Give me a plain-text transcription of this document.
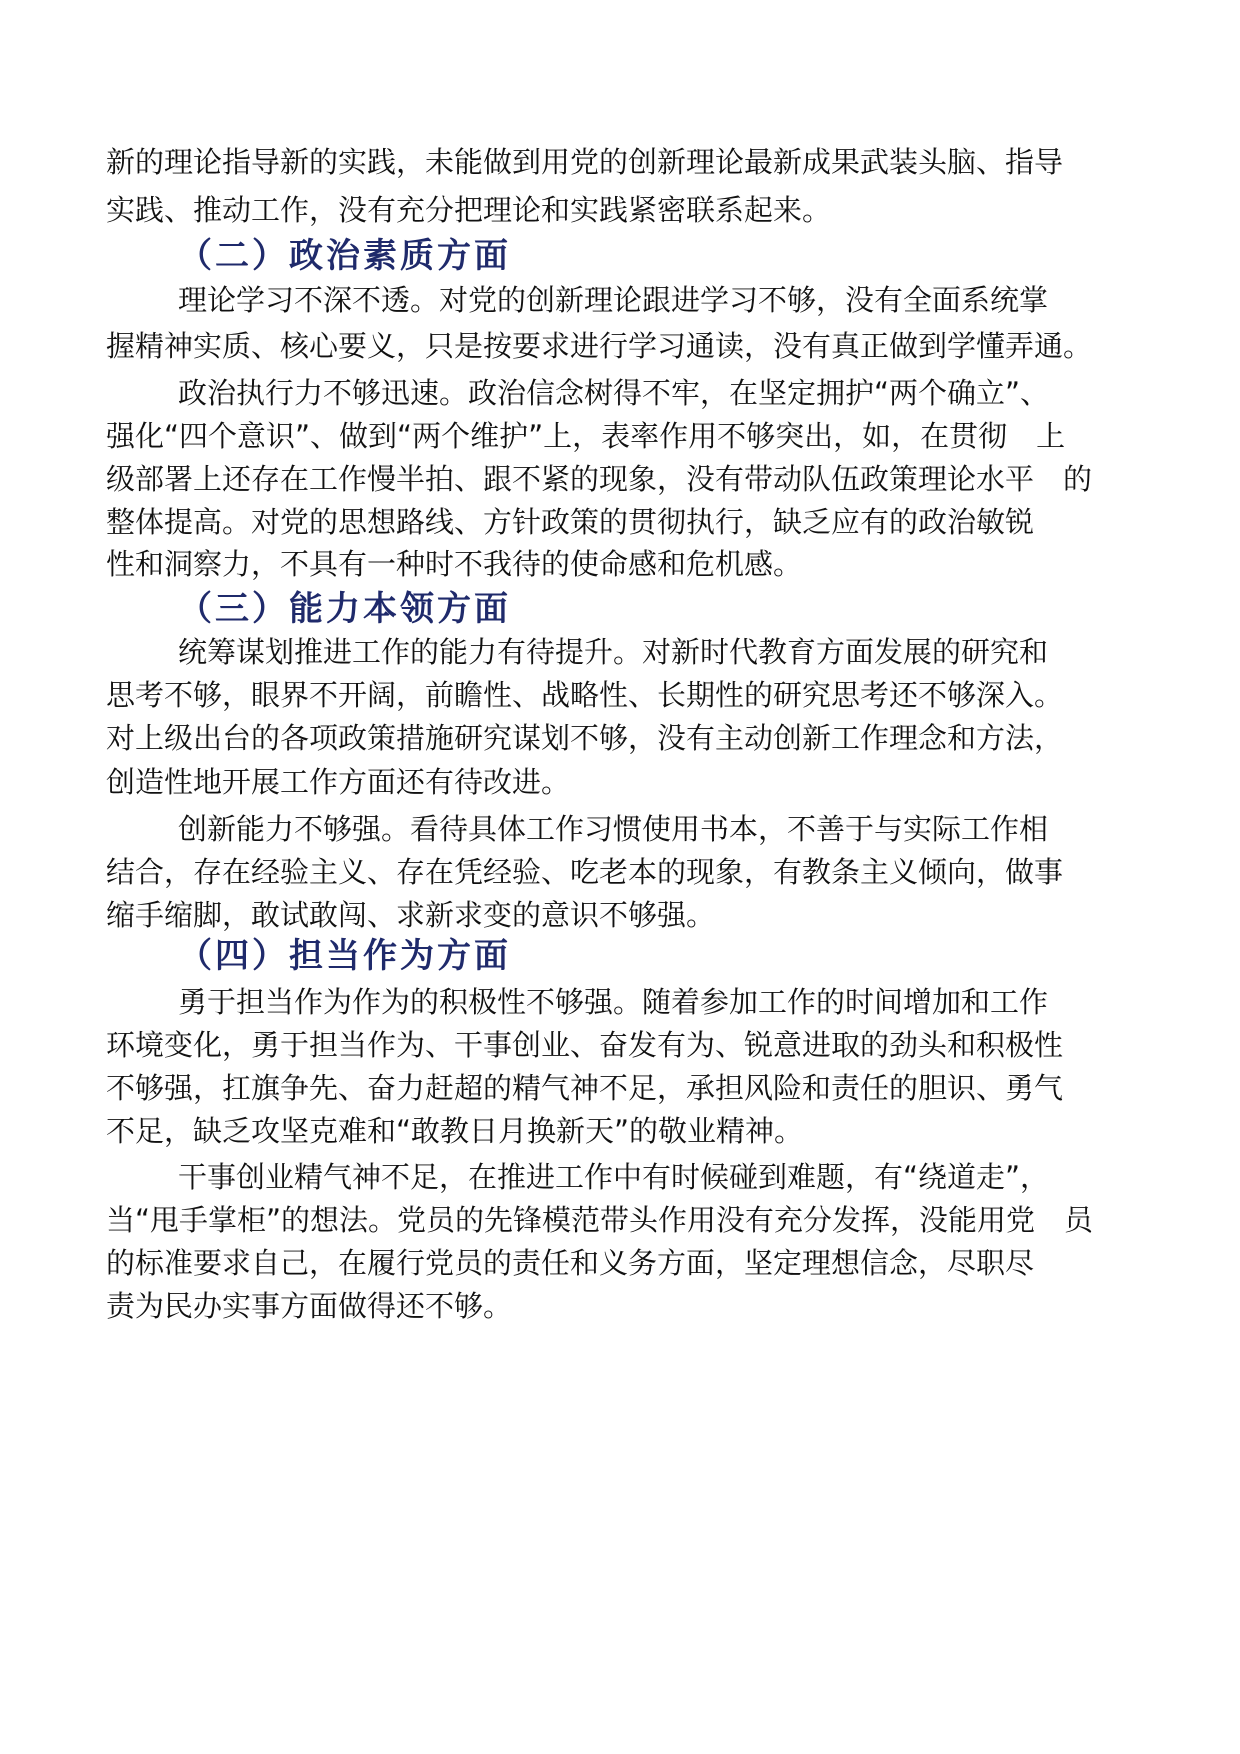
新的理论指导新的实践，未能做到用党的创新理论最新成果武装头脑、指导

实践、推动工作，没有充分把理论和实践紧密联系起来。

（二）政治素质方面

理论学习不深不透。对党的创新理论跟进学习不够，没有全面系统掌

握精神实质、核心要义，只是按要求进行学习通读，没有真正做到学懂弄通。

政治执行力不够迅速。政治信念树得不牢，在坚定拥护“两个确立”、

强化“四个意识”、做到“两个维护”上，表率作用不够突出，如，在贯彻　上

级部署上还存在工作慢半拍、跟不紧的现象，没有带动队伍政策理论水平　的

整体提高。对党的思想路线、方针政策的贯彻执行，缺乏应有的政治敏锐

性和洞察力，不具有一种时不我待的使命感和危机感。

（三）能力本领方面

统筹谋划推进工作的能力有待提升。对新时代教育方面发展的研究和

思考不够，眼界不开阔，前瞻性、战略性、长期性的研究思考还不够深入。

对上级出台的各项政策措施研究谋划不够，没有主动创新工作理念和方法，

创造性地开展工作方面还有待改进。

创新能力不够强。看待具体工作习惯使用书本，不善于与实际工作相

结合，存在经验主义、存在凭经验、吃老本的现象，有教条主义倾向，做事

缩手缩脚，敢试敢闯、求新求变的意识不够强。

（四）担当作为方面

勇于担当作为作为的积极性不够强。随着参加工作的时间增加和工作

环境变化，勇于担当作为、干事创业、奋发有为、锐意进取的劲头和积极性

不够强，扛旗争先、奋力赶超的精气神不足，承担风险和责任的胆识、勇气

不足，缺乏攻坚克难和“敢教日月换新天”的敬业精神。

干事创业精气神不足，在推进工作中有时候碰到难题，有“绕道走”，

当“甩手掌柜”的想法。党员的先锋模范带头作用没有充分发挥，没能用党　员

的标准要求自己，在履行党员的责任和义务方面，坚定理想信念，尽职尽

责为民办实事方面做得还不够。
